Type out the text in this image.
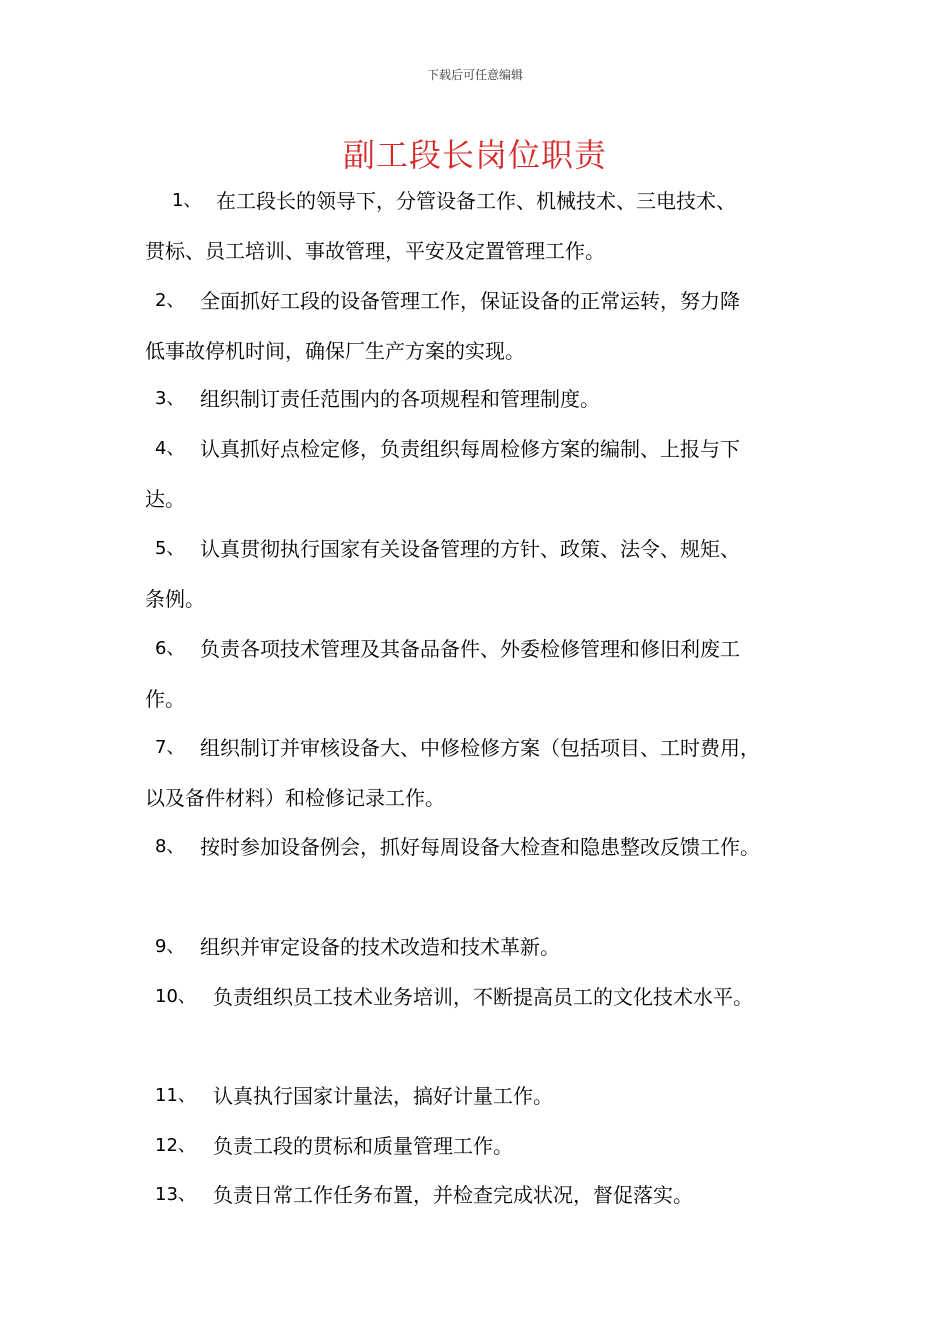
下载后可任意编辑
副工段长岗位职责
1、 在工段长的领导下，分管设备工作、机械技术、三电技术、
贯标、员工培训、事故管理，平安及定置管理工作。
2、 全面抓好工段的设备管理工作，保证设备的正常运转，努力降
低事故停机时间，确保厂生产方案的实现。
3、 组织制订责任范围内的各项规程和管理制度。
4、 认真抓好点检定修，负责组织每周检修方案的编制、上报与下
达。
5、 认真贯彻执行国家有关设备管理的方针、政策、法令、规矩、
条例。
6、 负责各项技术管理及其备品备件、外委检修管理和修旧利废工
作。
7、 组织制订并审核设备大、中修检修方案（包括项目、工时费用，
以及备件材料）和检修记录工作。
8、 按时参加设备例会，抓好每周设备大检查和隐患整改反馈工作。
9、 组织并审定设备的技术改造和技术革新。
10、 负责组织员工技术业务培训，不断提高员工的文化技术水平。
11、 认真执行国家计量法，搞好计量工作。
12、 负责工段的贯标和质量管理工作。
13、 负责日常工作任务布置，并检查完成状况，督促落实。
